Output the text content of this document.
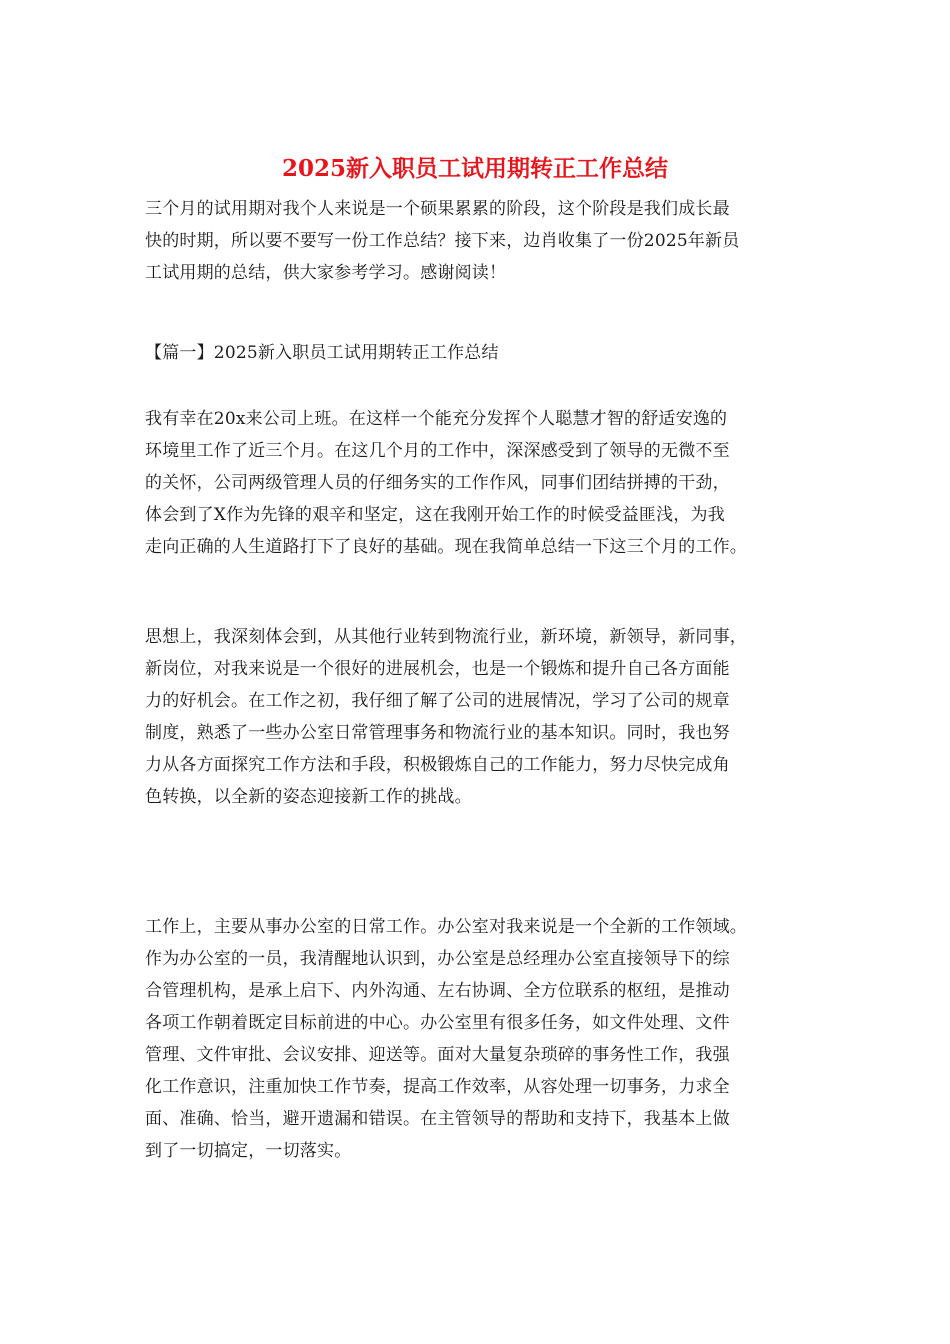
2025新入职员工试用期转正工作总结
三个月的试用期对我个人来说是一个硕果累累的阶段，这个阶段是我们成长最
快的时期，所以要不要写一份工作总结？接下来，边肖收集了一份2025年新员
工试用期的总结，供大家参考学习。感谢阅读！
【篇一】2025新入职员工试用期转正工作总结
我有幸在20x来公司上班。在这样一个能充分发挥个人聪慧才智的舒适安逸的
环境里工作了近三个月。在这几个月的工作中，深深感受到了领导的无微不至
的关怀，公司两级管理人员的仔细务实的工作作风，同事们团结拼搏的干劲，
体会到了X作为先锋的艰辛和坚定，这在我刚开始工作的时候受益匪浅，为我
走向正确的人生道路打下了良好的基础。现在我简单总结一下这三个月的工作。
思想上，我深刻体会到，从其他行业转到物流行业，新环境，新领导，新同事，
新岗位，对我来说是一个很好的进展机会，也是一个锻炼和提升自己各方面能
力的好机会。在工作之初，我仔细了解了公司的进展情况，学习了公司的规章
制度，熟悉了一些办公室日常管理事务和物流行业的基本知识。同时，我也努
力从各方面探究工作方法和手段，积极锻炼自己的工作能力，努力尽快完成角
色转换，以全新的姿态迎接新工作的挑战。
工作上，主要从事办公室的日常工作。办公室对我来说是一个全新的工作领域。
作为办公室的一员，我清醒地认识到，办公室是总经理办公室直接领导下的综
合管理机构，是承上启下、内外沟通、左右协调、全方位联系的枢纽，是推动
各项工作朝着既定目标前进的中心。办公室里有很多任务，如文件处理、文件
管理、文件审批、会议安排、迎送等。面对大量复杂琐碎的事务性工作，我强
化工作意识，注重加快工作节奏，提高工作效率，从容处理一切事务，力求全
面、准确、恰当，避开遗漏和错误。在主管领导的帮助和支持下，我基本上做
到了一切搞定，一切落实。
